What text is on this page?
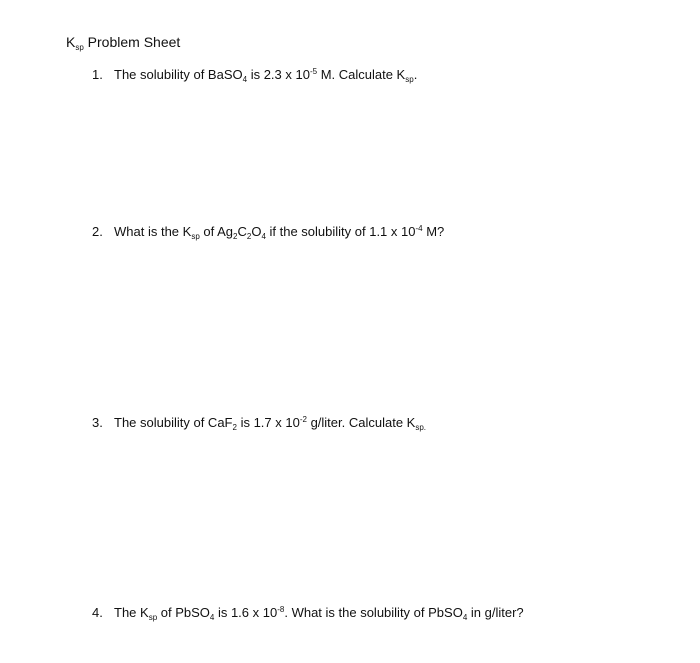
$K_{sp}$ Problem Sheet
1. The solubility of BaSO$_4$ is 2.3 x $10^{-5}$ M. Calculate $K_{sp}$.
2. What is the $K_{sp}$ of $Ag_2C_2O_4$ if the solubility of 1.1 x $10^{-4}$ M?
3. The solubility of CaF$_2$ is 1.7 x $10^{-2}$ g/liter. Calculate $K_{sp.}$
4. The $K_{sp}$ of PbSO$_4$ is 1.6 x $10^{-8}$. What is the solubility of PbSO$_4$ in g/liter?
